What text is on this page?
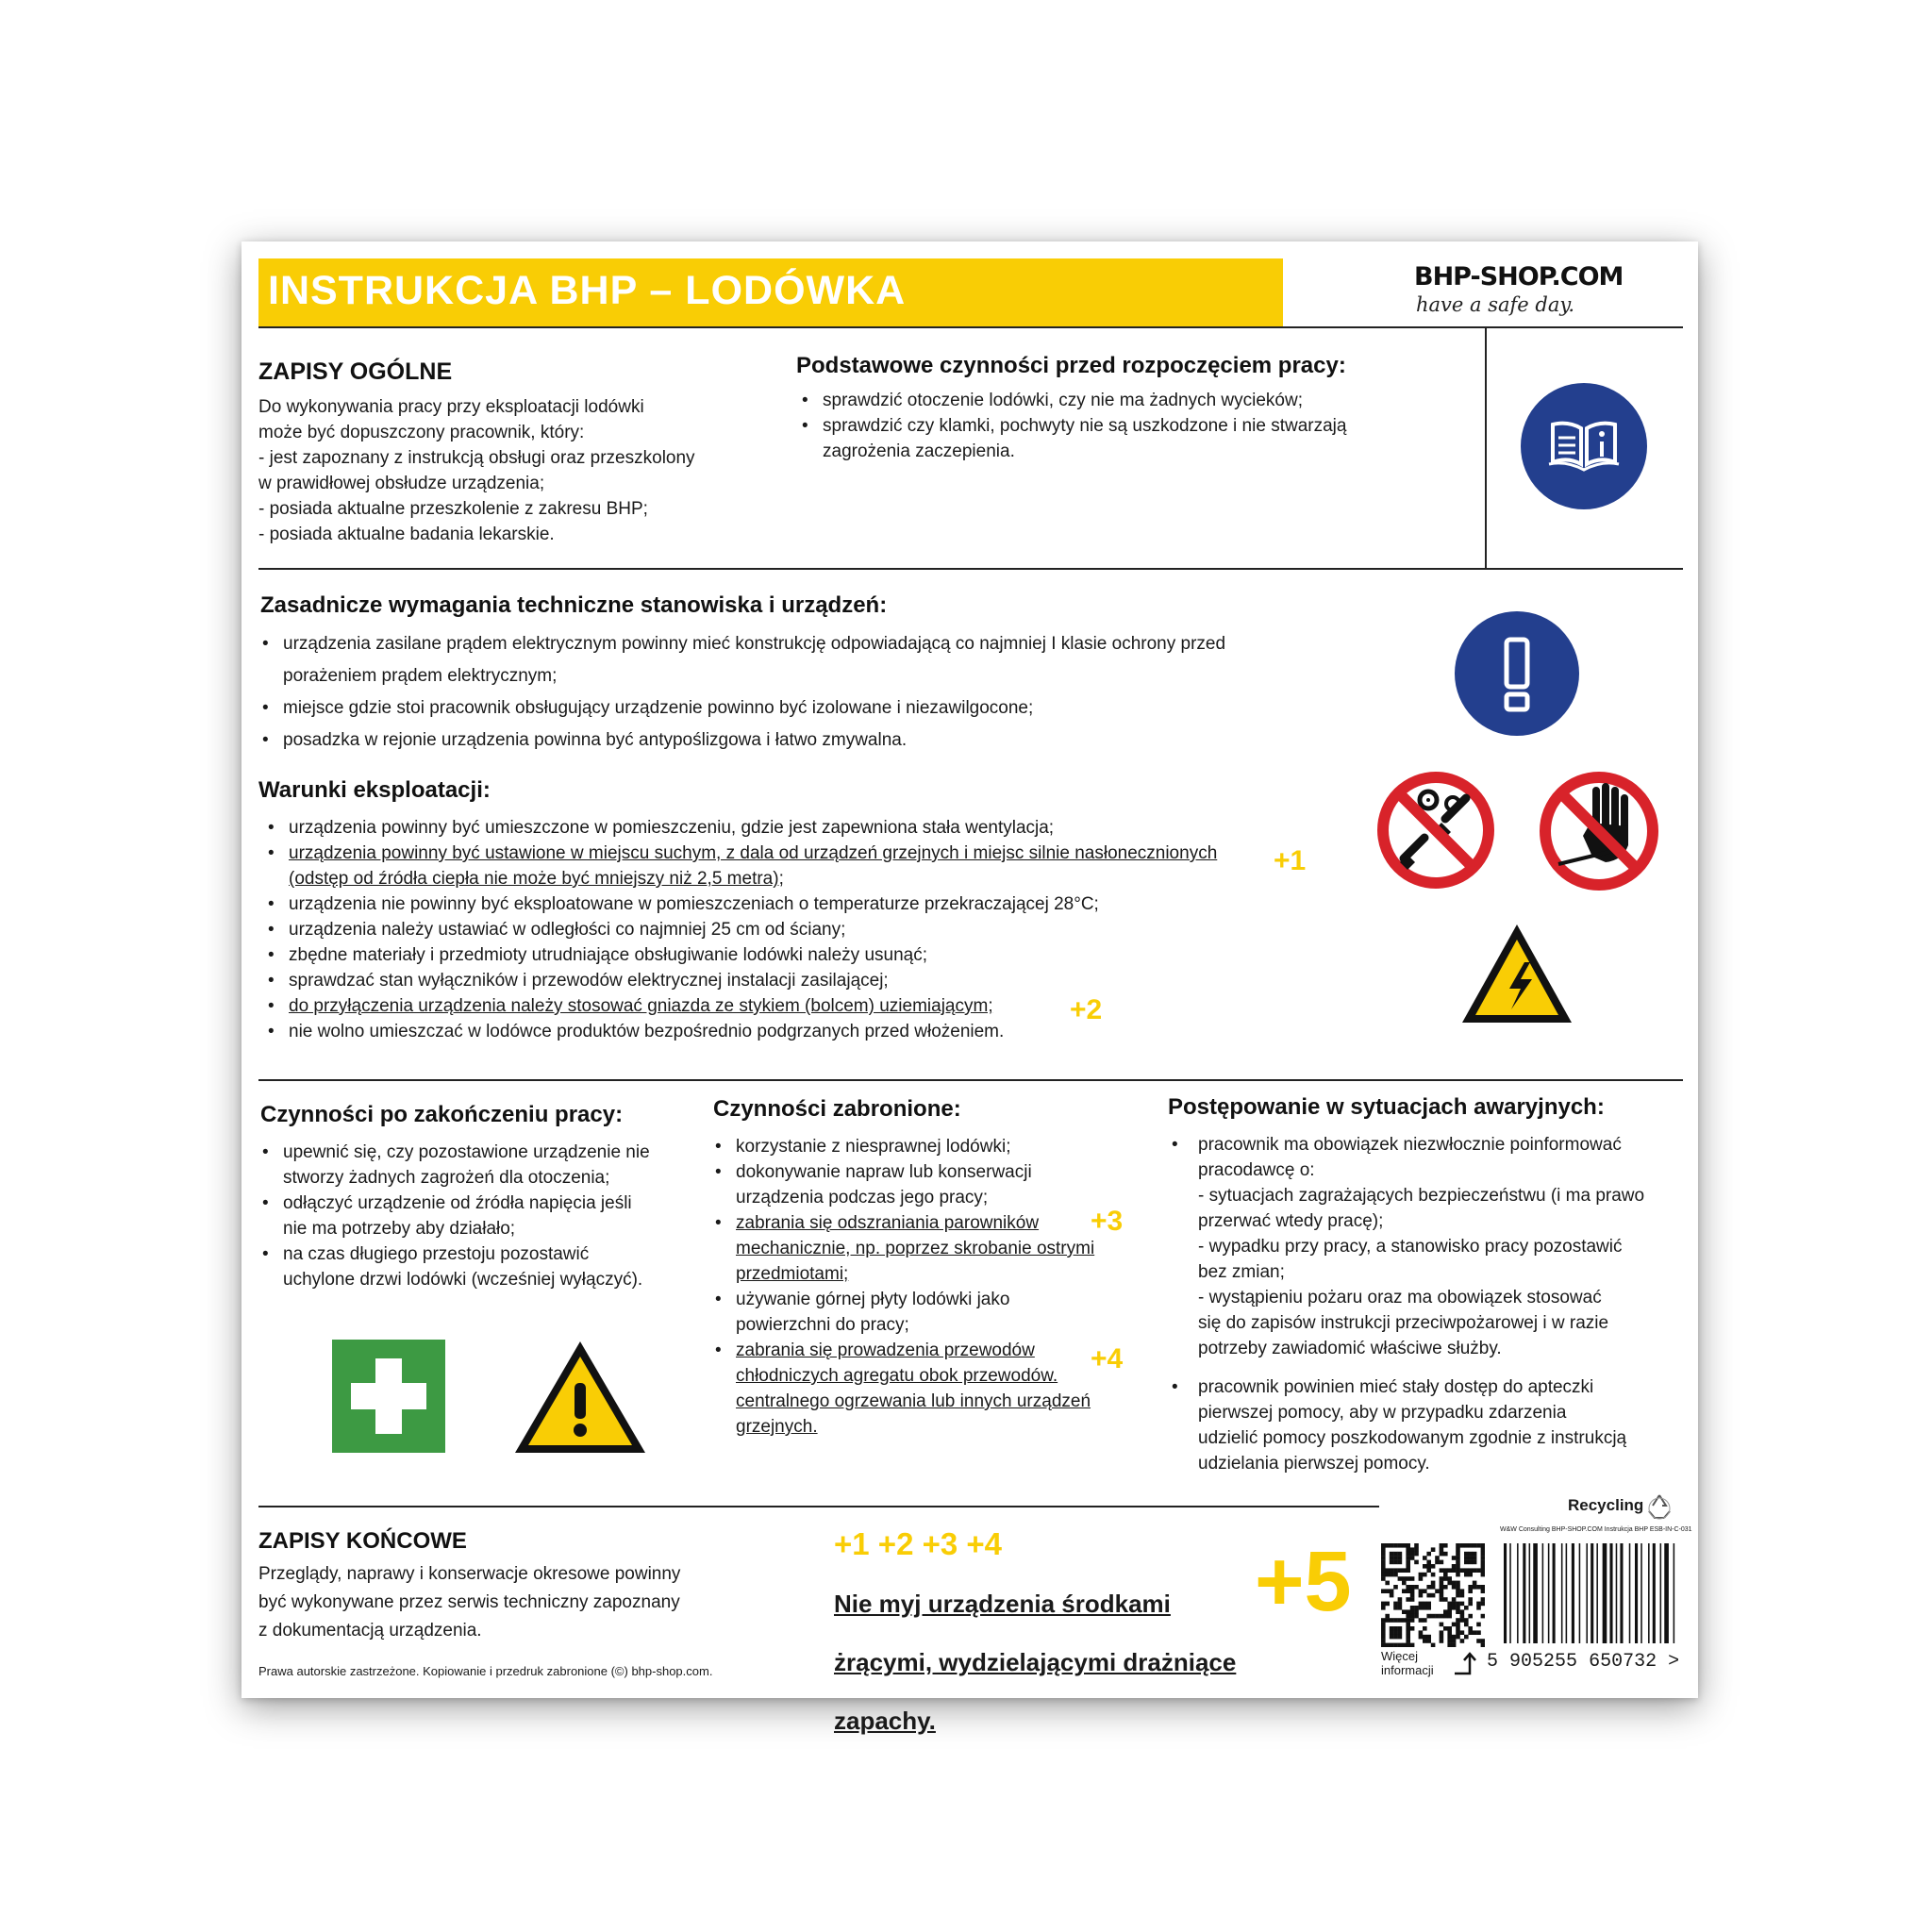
INSTRUKCJA BHP – LODÓWKA	BHP-SHOP.COM
have a safe day.
ZAPISY OGÓLNE

Do wykonywania pracy przy eksploatacji lodówki

może być dopuszczony pracownik, który:

- jest zapoznany z instrukcją obsługi oraz przeszkolony

w prawidłowej obsłudze urządzenia;

- posiada aktualne przeszkolenie z zakresu BHP;

- posiada aktualne badania lekarskie.

Podstawowe czynności przed rozpoczęciem pracy:
• sprawdzić otoczenie lodówki, czy nie ma żadnych wycieków;
• sprawdzić czy klamki, pochwyty nie są uszkodzone i nie stwarzają
zagrożenia zaczepienia.
Zasadnicze wymagania techniczne stanowiska i urządzeń:
• urządzenia zasilane prądem elektrycznym powinny mieć konstrukcję odpowiadającą co najmniej I klasie ochrony przed
porażeniem prądem elektrycznym;
• miejsce gdzie stoi pracownik obsługujący urządzenie powinno być izolowane i niezawilgocone;
• posadzka w rejonie urządzenia powinna być antypoślizgowa i łatwo zmywalna.
Warunki eksploatacji:
• urządzenia powinny być umieszczone w pomieszczeniu, gdzie jest zapewniona stała wentylacja;
• urządzenia powinny być ustawione w miejscu suchym, z dala od urządzeń grzejnych i miejsc silnie nasłonecznionych
(odstęp od źródła ciepła nie może być mniejszy niż 2,5 metra);
• urządzenia nie powinny być eksploatowane w pomieszczeniach o temperaturze przekraczającej 28°C;
• urządzenia należy ustawiać w odległości co najmniej 25 cm od ściany;
• zbędne materiały i przedmioty utrudniające obsługiwanie lodówki należy usunąć;
• sprawdzać stan wyłączników i przewodów elektrycznej instalacji zasilającej;
• do przyłączenia urządzenia należy stosować gniazda ze stykiem (bolcem) uziemiającym;
• nie wolno umieszczać w lodówce produktów bezpośrednio podgrzanych przed włożeniem.
+1
+2
Czynności po zakończeniu pracy:
• upewnić się, czy pozostawione urządzenie nie
stworzy żadnych zagrożeń dla otoczenia;
• odłączyć urządzenie od źródła napięcia jeśli
nie ma potrzeby aby działało;
• na czas długiego przestoju pozostawić
uchylone drzwi lodówki (wcześniej wyłączyć).
Czynności zabronione:
• korzystanie z niesprawnej lodówki;
• dokonywanie napraw lub konserwacji
urządzenia podczas jego pracy;
• zabrania się odszraniania parowników
mechanicznie, np. poprzez skrobanie ostrymi
przedmiotami;
• używanie górnej płyty lodówki jako
powierzchni do pracy;
• zabrania się prowadzenia przewodów
chłodniczych agregatu obok przewodów.
centralnego ogrzewania lub innych urządzeń
grzejnych.
+3
+4
Postępowanie w sytuacjach awaryjnych:
• pracownik ma obowiązek niezwłocznie poinformować
pracodawcę o:
- sytuacjach zagrażających bezpieczeństwu (i ma prawo
przerwać wtedy pracę);
- wypadku przy pracy, a stanowisko pracy pozostawić
bez zmian;
- wystąpieniu pożaru oraz ma obowiązek stosować
się do zapisów instrukcji przeciwpożarowej i w razie
potrzeby zawiadomić właściwe służby.
• pracownik powinien mieć stały dostęp do apteczki
pierwszej pomocy, aby w przypadku zdarzenia
udzielić pomocy poszkodowanym zgodnie z instrukcją
udzielania pierwszej pomocy.
ZAPISY KOŃCOWE

Przeglądy, naprawy i konserwacje okresowe powinny

być wykonywane przez serwis techniczny zapoznany

z dokumentacją urządzenia.

Prawa autorskie zastrzeżone. Kopiowanie i przedruk zabronione (©) bhp-shop.com.
+1 +2 +3 +4

Nie myj urządzenia środkami

żrącymi, wydzielającymi drażniące

zapachy.

+5
Recycling
W&W Consulting BHP-SHOP.COM Instrukcja BHP ESB-IN-C-031
Więcej
informacji	5 905255 650732 >
